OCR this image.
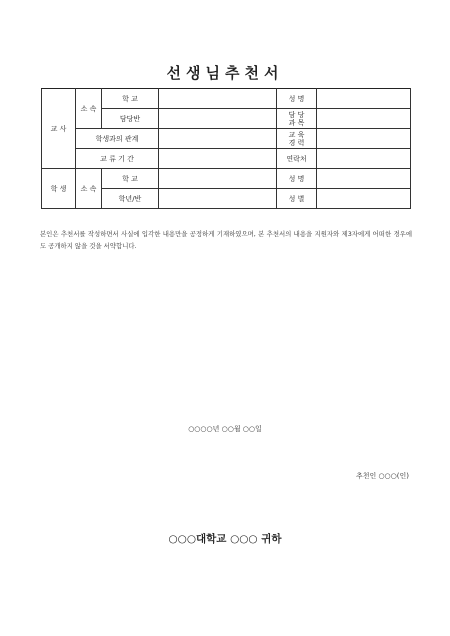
선생님추천서
교 사	소 속	학 교		성 명	
		담당반		담 당
과 목	

	학생과의 관계			교 육
경 력	

	교 류 기 간			연락처	
학 생	소 속	학 교		성 명	
		학년/반		성 별	
본인은 추천서를 작성하면서 사실에 입각한 내용만을 공정하게 기재하였으며, 본 추천서의 내용을 지원자와 제3자에게 어떠한 경우에도 공개하지 않을 것을 서약합니다.
○○○○년 ○○월 ○○일
추천인 ○○○(인)
○○○대학교 ○○○ 귀하
